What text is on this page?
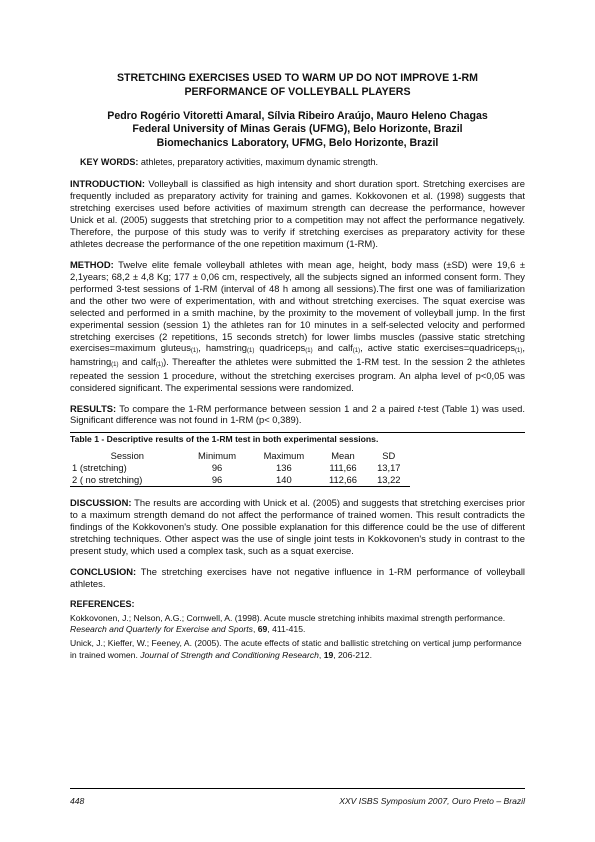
STRETCHING EXERCISES USED TO WARM UP DO NOT IMPROVE 1-RM
PERFORMANCE OF VOLLEYBALL PLAYERS
Pedro Rogério Vitoretti Amaral, Sílvia Ribeiro Araújo, Mauro Heleno Chagas
Federal University of Minas Gerais (UFMG), Belo Horizonte, Brazil
Biomechanics Laboratory, UFMG, Belo Horizonte, Brazil
KEY WORDS: athletes, preparatory activities, maximum dynamic strength.

INTRODUCTION: Volleyball is classified as high intensity and short duration sport. Stretching exercises are frequently included as preparatory activity for training and games. Kokkovonen et al. (1998) suggests that stretching exercises used before activities of maximum strength can decrease the performance, however Unick et al. (2005) suggests that stretching prior to a competition may not affect the performance negatively. Therefore, the purpose of this study was to verify if stretching exercises as preparatory activity for these athletes decrease the performance of the one repetition maximum (1-RM).

METHOD: Twelve elite female volleyball athletes with mean age, height, body mass (±SD) were 19,6 ± 2,1years; 68,2 ± 4,8 Kg; 177 ± 0,06 cm, respectively, all the subjects signed an informed consent form. They performed 3-test sessions of 1-RM (interval of 48 h among all sessions).The first one was of familiarization and the other two were of experimentation, with and without stretching exercises. The squat exercise was selected and performed in a smith machine, by the proximity to the movement of volleyball jump. In the first experimental session (session 1) the athletes ran for 10 minutes in a self-selected velocity and performed stretching exercises (2 repetitions, 15 seconds stretch) for lower limbs muscles (passive static stretching exercises=maximum gluteus$_{(1)}$, hamstring$_{(1)}$ quadriceps$_{(1)}$ and calf$_{(1)}$, active static exercises=quadriceps$_{(1)}$, hamstring$_{(1)}$ and calf$_{(1)}$). Thereafter the athletes were submitted the 1-RM test. In the session 2 the athletes repeated the session 1 procedure, without the stretching exercises program. An alpha level of p<0,05 was considered significant. The experimental sessions were randomized.

RESULTS: To compare the 1-RM performance between session 1 and 2 a paired t-test (Table 1) was used. Significant difference was not found in 1-RM (p< 0,389).

Table 1 - Descriptive results of the 1-RM test in both experimental sessions.
Session	Minimum	Maximum	Mean	SD
1 (stretching)	96	136	111,66	13,17
2 ( no stretching)	96	140	112,66	13,22

DISCUSSION: The results are according with Unick et al. (2005) and suggests that stretching exercises prior to a maximum strength demand do not affect the performance of trained women. This result contradicts the findings of the Kokkovonen's study. One possible explanation for this difference could be the use of different stretching techniques. Other aspect was the use of single joint tests in Kokkovonen's study in contrast to the present study, which used a complex task, such as a squat exercise.

CONCLUSION: The stretching exercises have not negative influence in 1-RM performance of volleyball athletes.

REFERENCES:
Kokkovonen, J.; Nelson, A.G.; Cornwell, A. (1998). Acute muscle stretching inhibits maximal strength performance. Research and Quarterly for Exercise and Sports, 69, 411-415.
Unick, J.; Kieffer, W.; Feeney, A. (2005). The acute effects of static and ballistic stretching on vertical jump performance in trained women. Journal of Strength and Conditioning Research, 19, 206-212.
448	XXV ISBS Symposium 2007, Ouro Preto – Brazil
